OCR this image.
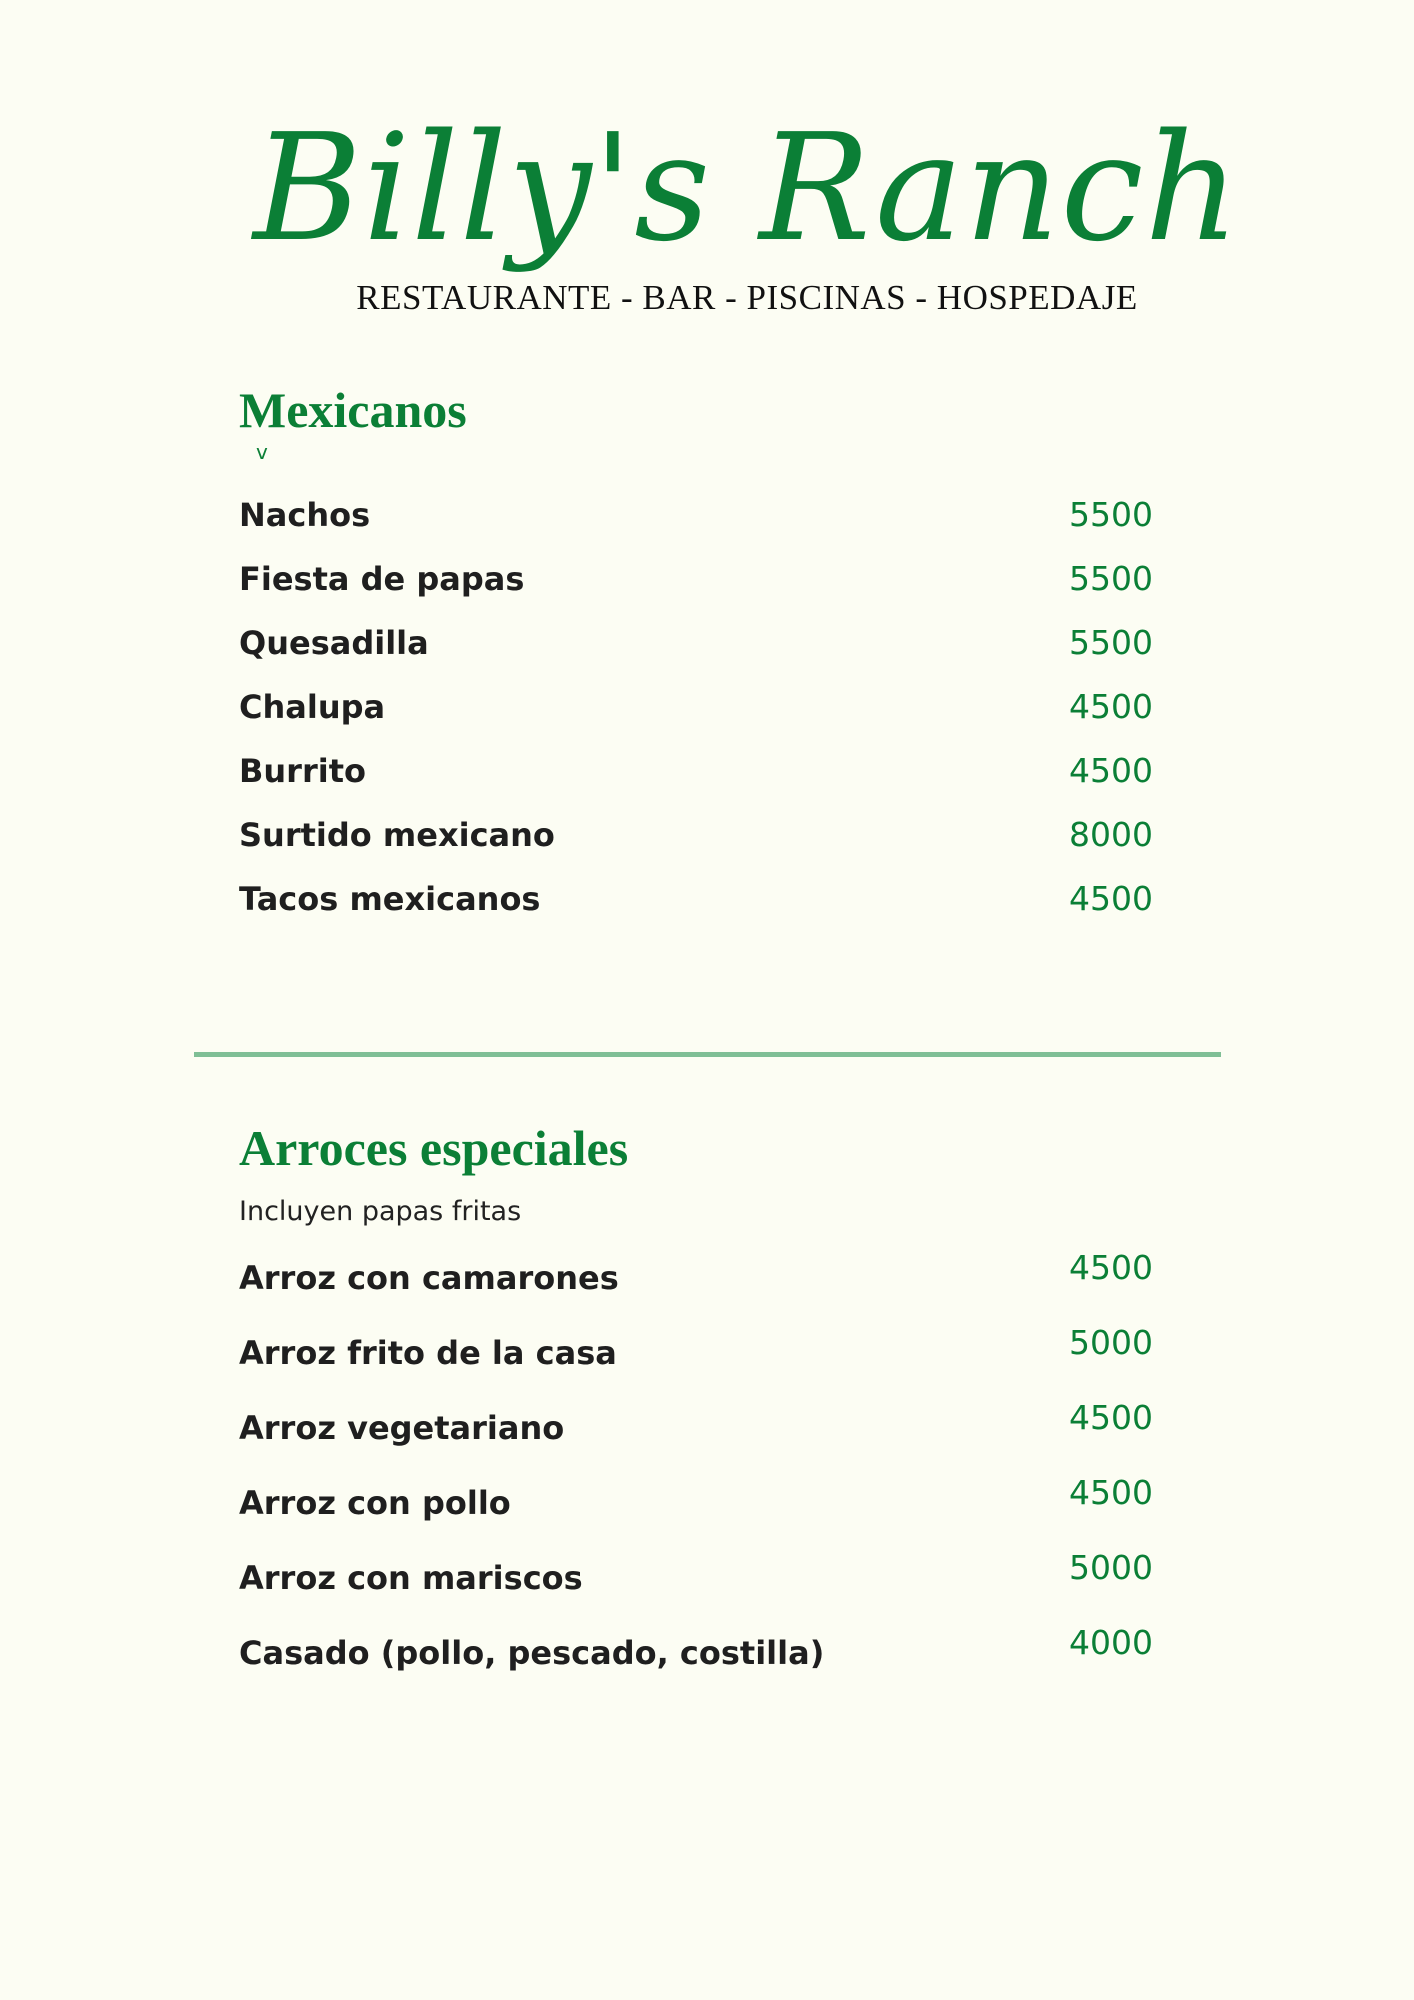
Billy's Ranch
RESTAURANTE - BAR - PISCINAS - HOSPEDAJE
Mexicanos
v
Nachos	5500
Fiesta de papas	5500
Quesadilla	5500
Chalupa	4500
Burrito	4500
Surtido mexicano	8000
Tacos mexicanos	4500
Arroces especiales
Incluyen papas fritas
Arroz con camarones	4500
Arroz frito de la casa	5000
Arroz vegetariano	4500
Arroz con pollo	4500
Arroz con mariscos	5000
Casado (pollo, pescado, costilla)	4000
